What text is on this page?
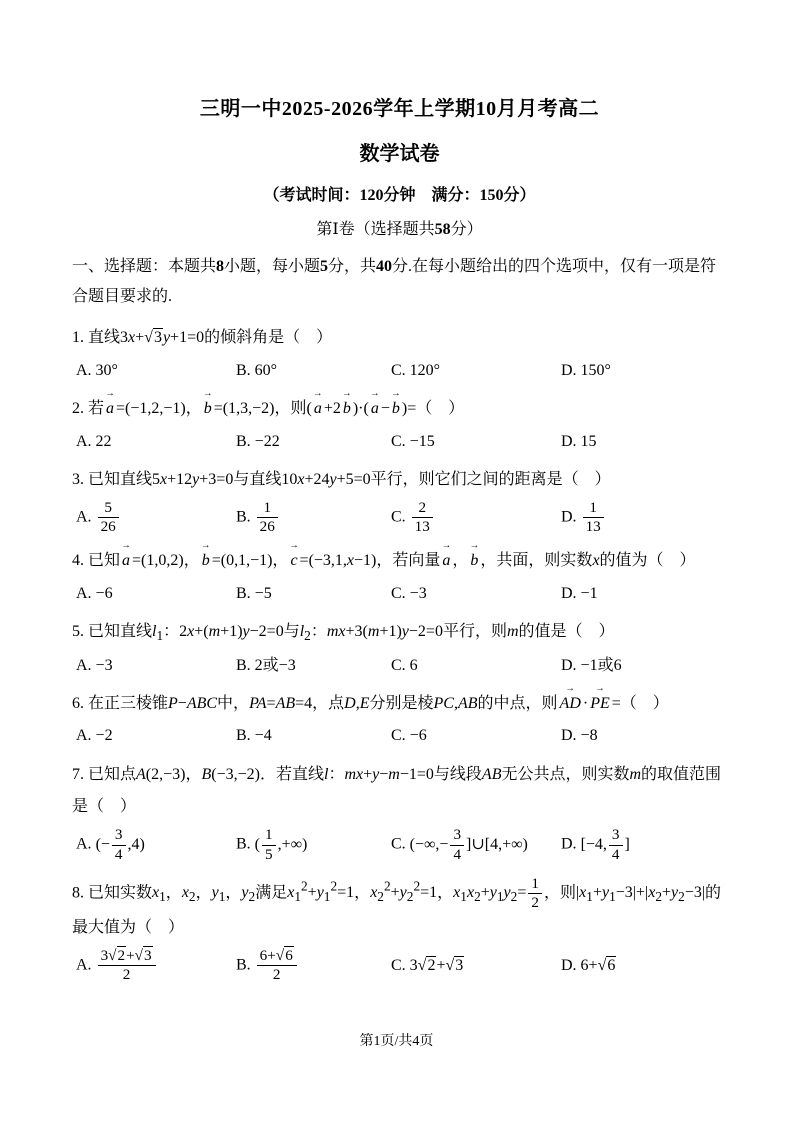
三明一中2025-2026学年上学期10月月考高二
数学试卷
（考试时间：120分钟　满分：150分）
第Ⅰ卷（选择题共58分）
一、选择题：本题共8小题，每小题5分，共40分.在每小题给出的四个选项中，仅有一项是符合题目要求的.
1. 直线3x+√3y+1=0的倾斜角是（ ）
A. 30°	B. 60°	C. 120°	D. 150°
2. 若 a → =(−1,2,−1)， b → =(1,3,−2)，则( a → +2 b → )·( a → − b → )=（ ）
A. 22	B. −22	C. −15	D. 15
3. 已知直线5x+12y+3=0与直线10x+24y+5=0平行，则它们之间的距离是（ ）
A. $\frac{5}{26}$	B. $\frac{1}{26}$	C. $\frac{2}{13}$	D. $\frac{1}{13}$
4. 已知 a → =(1,0,2)， b → =(0,1,−1)， c → =(−3,1,x−1)，若向量 a → ， b → ，共面，则实数x的值为（ ）
A. −6	B. −5	C. −3	D. −1
5. 已知直线$l_1$：2x+(m+1)y−2=0与$l_2$：mx+3(m+1)y−2=0平行，则m的值是（ ）
A. −3	B. 2或−3	C. 6	D. −1或6
6. 在正三棱锥P−ABC中，PA=AB=4，点D,E分别是棱PC,AB的中点，则 AD → · PE → =（ ）
A. −2	B. −4	C. −6	D. −8
7. 已知点A(2,−3)，B(−3,−2)．若直线l：mx+y−m−1=0与线段AB无公共点，则实数m的取值范围是（ ）
A. (− $\frac{3}{4} ,4$)	B. ( $\frac{1}{5}$ ,+∞)	C. (−∞,− $\frac{3}{4}$ ]∪[4,+∞)	D. [−4, $\frac{3}{4}$ ]
8. 已知实数$x_1$，$x_2$，$y_1$，$y_2$满足$x_1^2+y_1^2=1$，$x_2^2+y_2^2=1$，$x_1x_2+y_1y_2= \frac{1}{2}$ ，则$|x_1+y_1-3|+|x_2+y_2-3|$的最大值为（ ）
A. $\frac{3√2+√3}{2}$	B. $\frac{6+√6}{2}$	C. 3√2+√3	D. 6+√6
第1页/共4页
